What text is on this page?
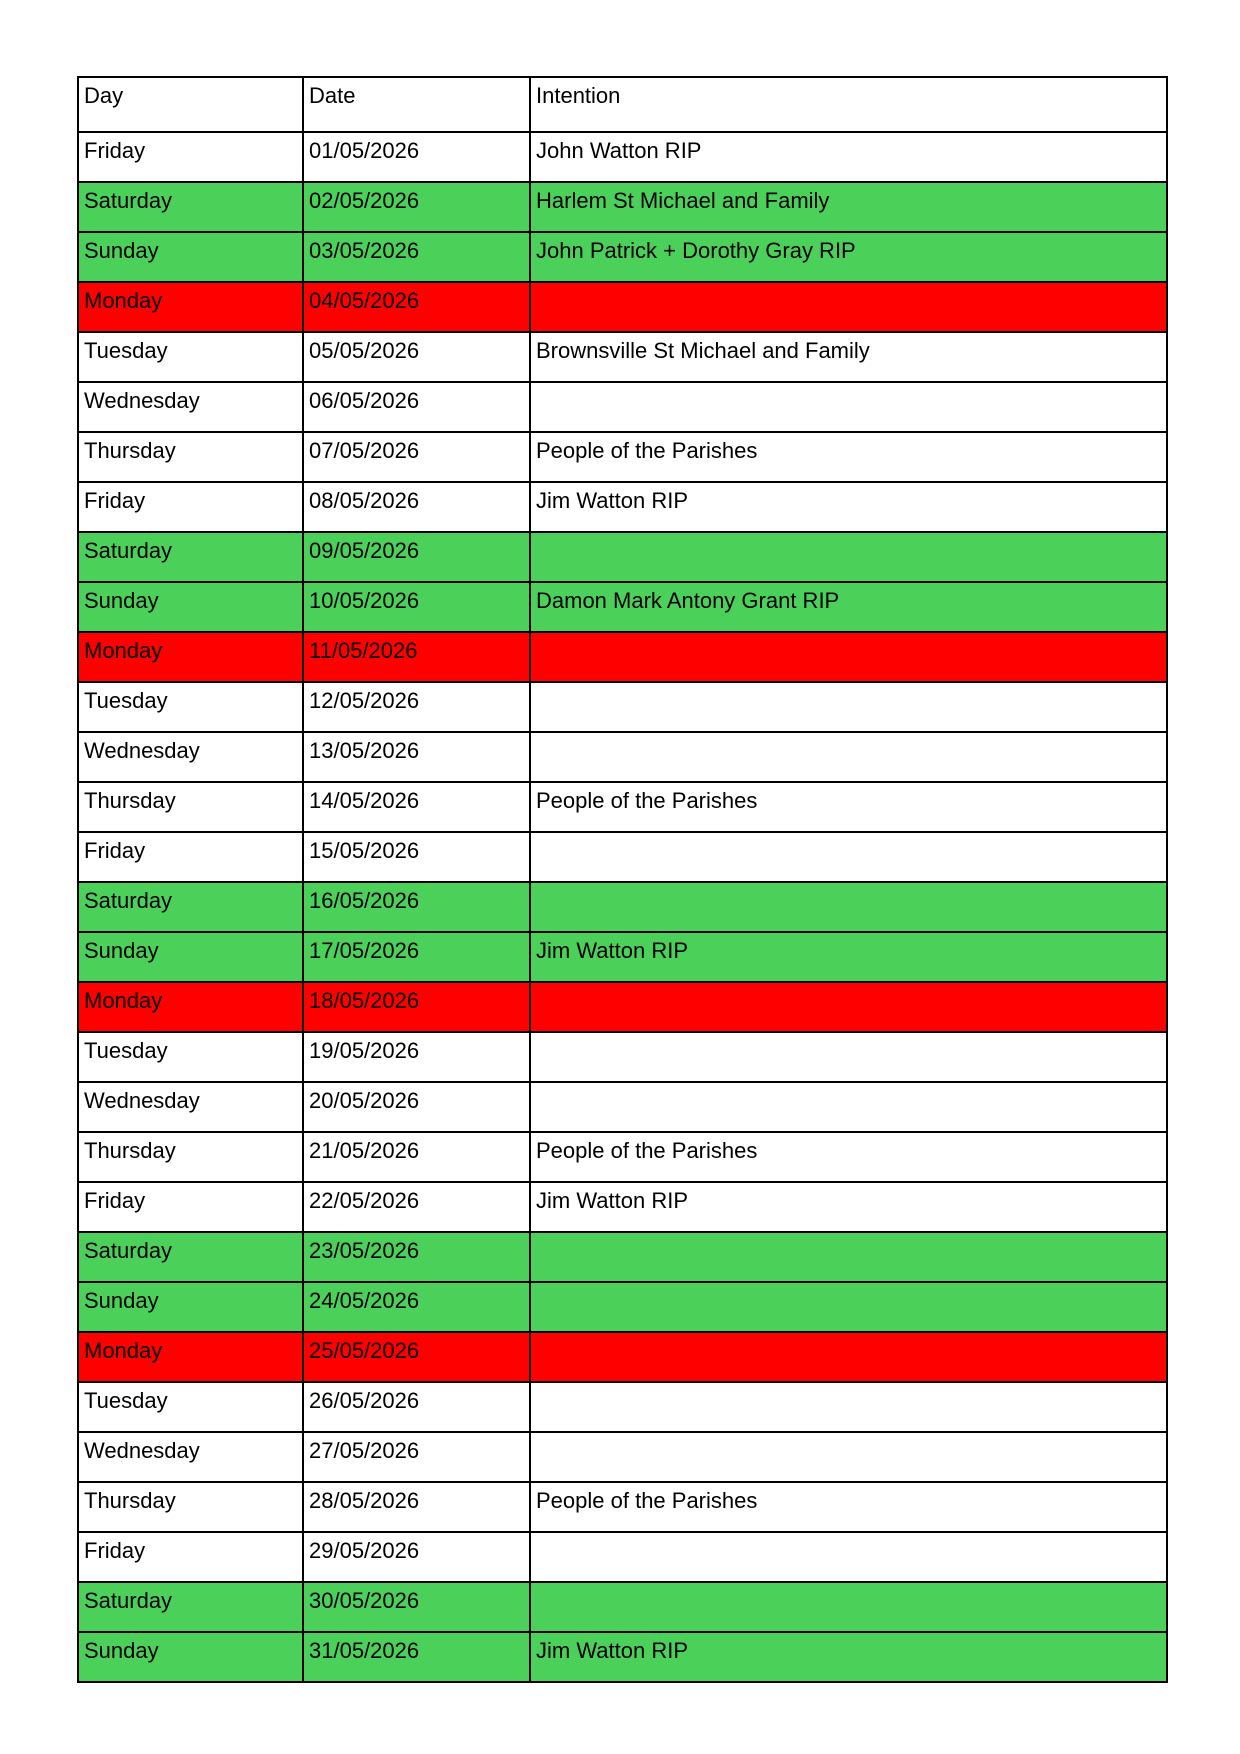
Day	Date	Intention
Friday	01/05/2026	John Watton RIP
Saturday	02/05/2026	Harlem St Michael and Family
Sunday	03/05/2026	John Patrick + Dorothy Gray RIP
Monday	04/05/2026	
Tuesday	05/05/2026	Brownsville St Michael and Family
Wednesday	06/05/2026	
Thursday	07/05/2026	People of the Parishes
Friday	08/05/2026	Jim Watton RIP
Saturday	09/05/2026	
Sunday	10/05/2026	Damon Mark Antony Grant RIP
Monday	11/05/2026	
Tuesday	12/05/2026	
Wednesday	13/05/2026	
Thursday	14/05/2026	People of the Parishes
Friday	15/05/2026	
Saturday	16/05/2026	
Sunday	17/05/2026	Jim Watton RIP
Monday	18/05/2026	
Tuesday	19/05/2026	
Wednesday	20/05/2026	
Thursday	21/05/2026	People of the Parishes
Friday	22/05/2026	Jim Watton RIP
Saturday	23/05/2026	
Sunday	24/05/2026	
Monday	25/05/2026	
Tuesday	26/05/2026	
Wednesday	27/05/2026	
Thursday	28/05/2026	People of the Parishes
Friday	29/05/2026	
Saturday	30/05/2026	
Sunday	31/05/2026	Jim Watton RIP
